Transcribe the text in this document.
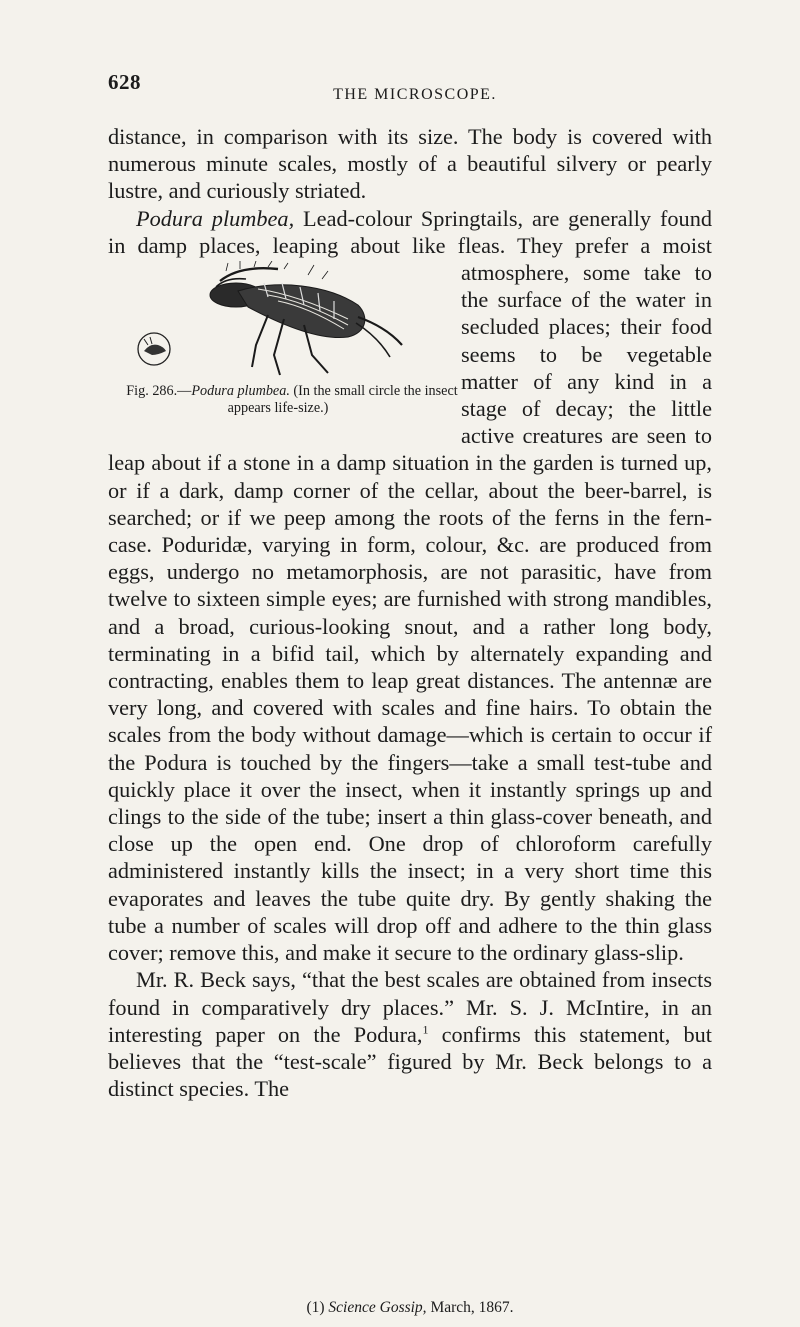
628
THE MICROSCOPE.

distance, in comparison with its size. The body is covered with numerous minute scales, mostly of a beautiful silvery or pearly lustre, and curiously striated.

Podura plumbea, Lead-colour Springtails, are generally found in damp places, leaping about like fleas. They
Fig. 286.—Podura plumbea. (In the small circle the insect appears life-size.)
prefer a moist atmosphere, some take to the surface of the water in secluded places; their food seems to be vegetable matter of any kind in a stage of decay; the little active creatures are seen to leap about if a stone in a damp situation in the garden is turned up, or if a dark, damp corner of the cellar, about the beer-barrel, is searched; or if we peep among the roots of the ferns in the fern-case. Poduridæ, varying in form, colour, &c. are produced from eggs, undergo no metamorphosis, are not parasitic, have from twelve to sixteen simple eyes; are furnished with strong mandibles, and a broad, curious-looking snout, and a rather long body, terminating in a bifid tail, which by alternately expanding and contracting, enables them to leap great distances. The antennæ are very long, and covered with scales and fine hairs. To obtain the scales from the body without damage—which is certain to occur if the Podura is touched by the fingers—take a small test-tube and quickly place it over the insect, when it instantly springs up and clings to the side of the tube; insert a thin glass-cover beneath, and close up the open end. One drop of chloroform carefully administered instantly kills the insect; in a very short time this evaporates and leaves the tube quite dry. By gently shaking the tube a number of scales will drop off and adhere to the thin glass cover; remove this, and make it secure to the ordinary glass-slip.

Mr. R. Beck says, “that the best scales are obtained from insects found in comparatively dry places.” Mr. S. J. McIntire, in an interesting paper on the Podura,$^1$ confirms this statement, but believes that the “test-scale” figured by Mr. Beck belongs to a distinct species. The

(1) Science Gossip, March, 1867.
